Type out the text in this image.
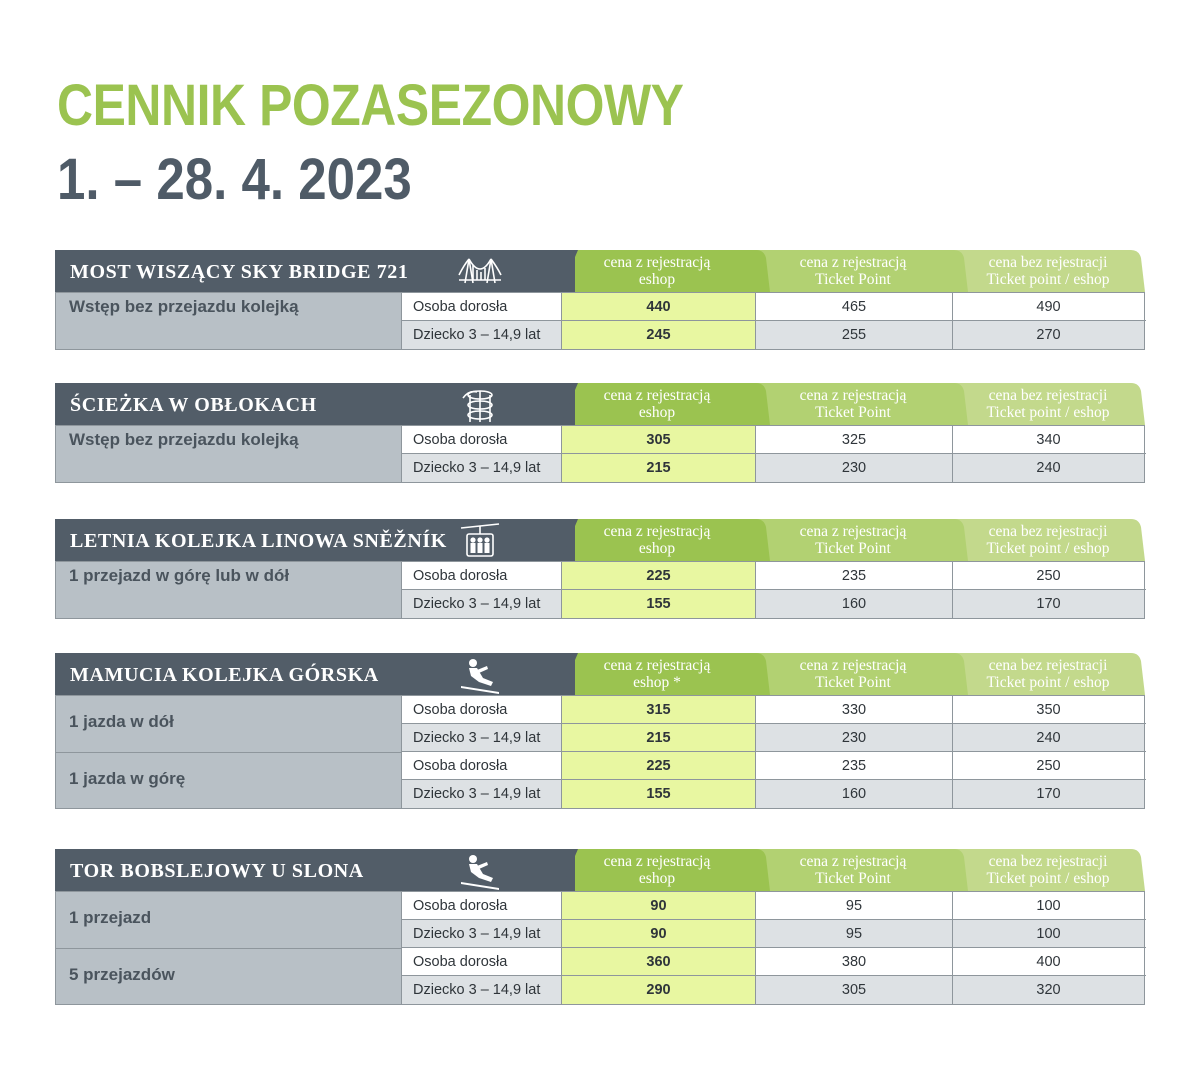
CENNIK POZASEZONOWY
1. – 28. 4. 2023
cena bez rejestracji
Ticket point / eshop
cena z rejestracją
Ticket Point
cena z rejestracją
eshop
MOST WISZĄCY SKY BRIDGE 721
Wstęp bez przejazdu kolejką	Osoba dorosła	440	465	490
Dziecko 3 – 14,9 lat	245	255	270
cena bez rejestracji
Ticket point / eshop
cena z rejestracją
Ticket Point
cena z rejestracją
eshop
ŚCIEŻKA W OBŁOKACH
Wstęp bez przejazdu kolejką	Osoba dorosła	305	325	340
Dziecko 3 – 14,9 lat	215	230	240
cena bez rejestracji
Ticket point / eshop
cena z rejestracją
Ticket Point
cena z rejestracją
eshop
LETNIA KOLEJKA LINOWA SNĚŽNÍK
1 przejazd w górę lub w dół	Osoba dorosła	225	235	250
Dziecko 3 – 14,9 lat	155	160	170
cena bez rejestracji
Ticket point / eshop
cena z rejestracją
Ticket Point
cena z rejestracją
eshop *
MAMUCIA KOLEJKA GÓRSKA
1 jazda w dół
Osoba dorosła	315	330	350
Dziecko 3 – 14,9 lat	215	230	240
1 jazda w górę
Osoba dorosła	225	235	250
Dziecko 3 – 14,9 lat	155	160	170
cena bez rejestracji
Ticket point / eshop
cena z rejestracją
Ticket Point
cena z rejestracją
eshop
TOR BOBSLEJOWY U SLONA
1 przejazd
Osoba dorosła	90	95	100
Dziecko 3 – 14,9 lat	90	95	100
5 przejazdów
Osoba dorosła	360	380	400
Dziecko 3 – 14,9 lat	290	305	320
